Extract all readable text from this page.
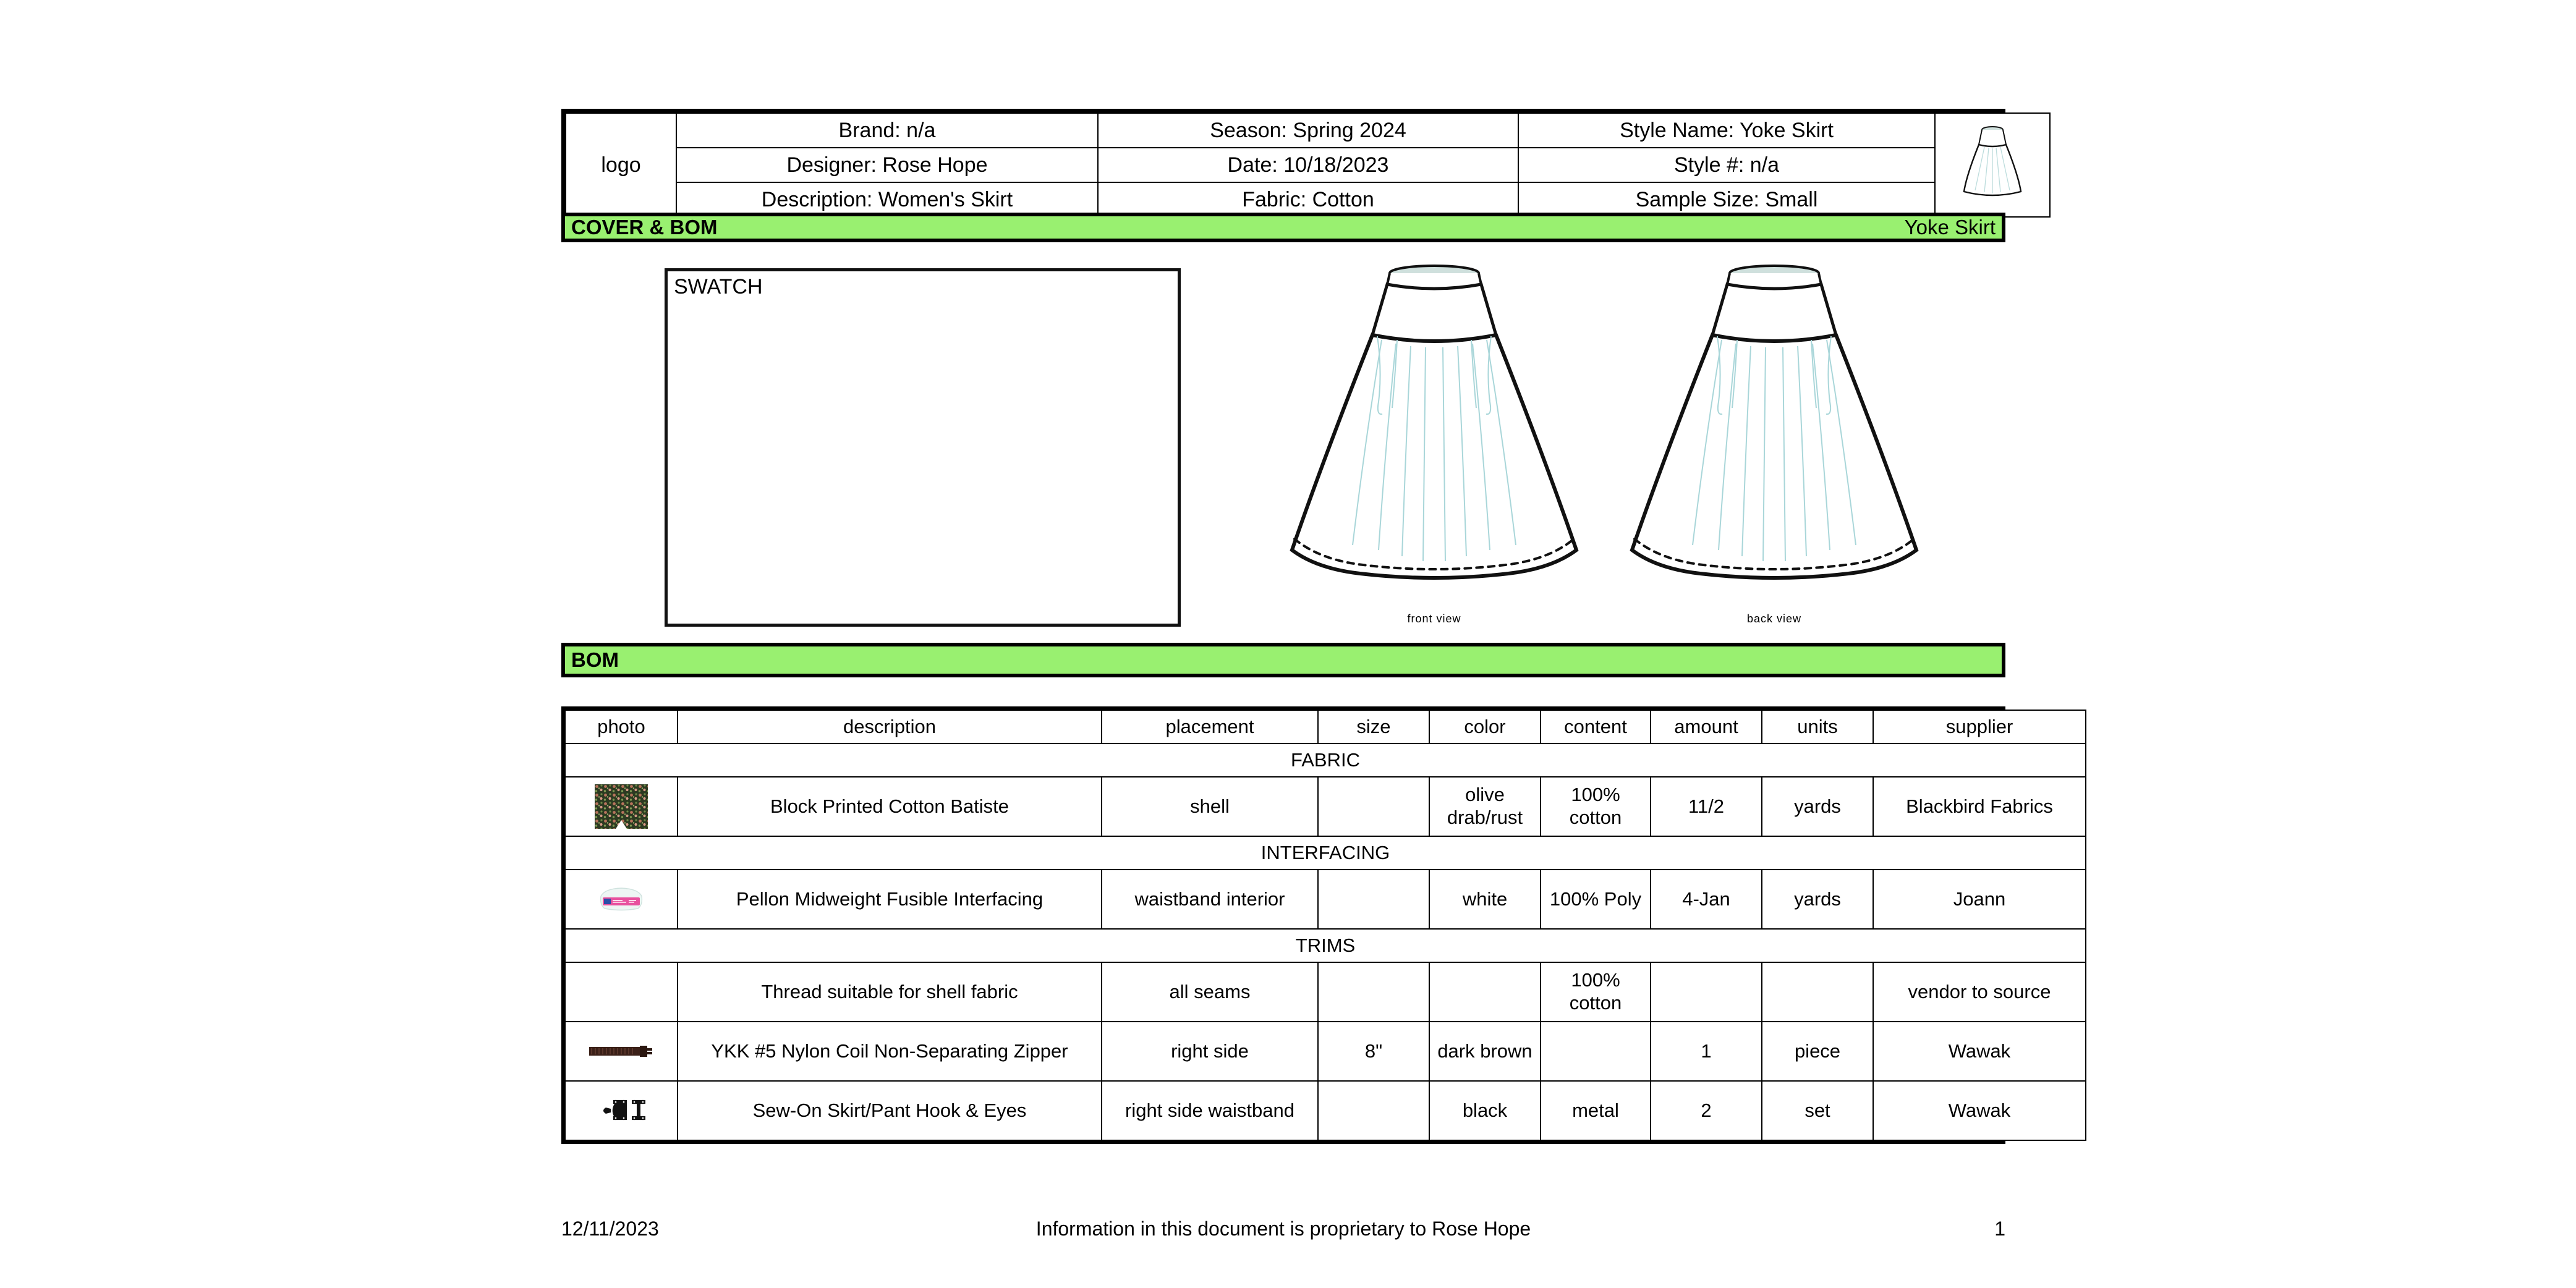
logo	Brand: n/a	Season: Spring 2024	Style Name: Yoke Skirt	
	Designer: Rose Hope	Date: 10/18/2023	Style #: n/a	
	Description: Women's Skirt	Fabric: Cotton	Sample Size: Small	
COVER & BOM	Yoke Skirt
SWATCH
front view	back view
BOM
photo	description	placement	size	color	content	amount	units	supplier
FABRIC								

	Block Printed Cotton Batiste	shell		olive drab/rust	100% cotton	11/2	yards	Blackbird Fabrics
INTERFACING								

	Pellon Midweight Fusible Interfacing	waistband interior		white	100% Poly	4-Jan	yards	Joann
TRIMS								
	Thread suitable for shell fabric	all seams			100% cotton			vendor to source

	YKK #5 Nylon Coil Non-Separating Zipper	right side	8"	dark brown		1	piece	Wawak

	Sew-On Skirt/Pant Hook & Eyes	right side waistband		black	metal	2	set	Wawak
12/11/2023	Information in this document is proprietary to Rose Hope	1
